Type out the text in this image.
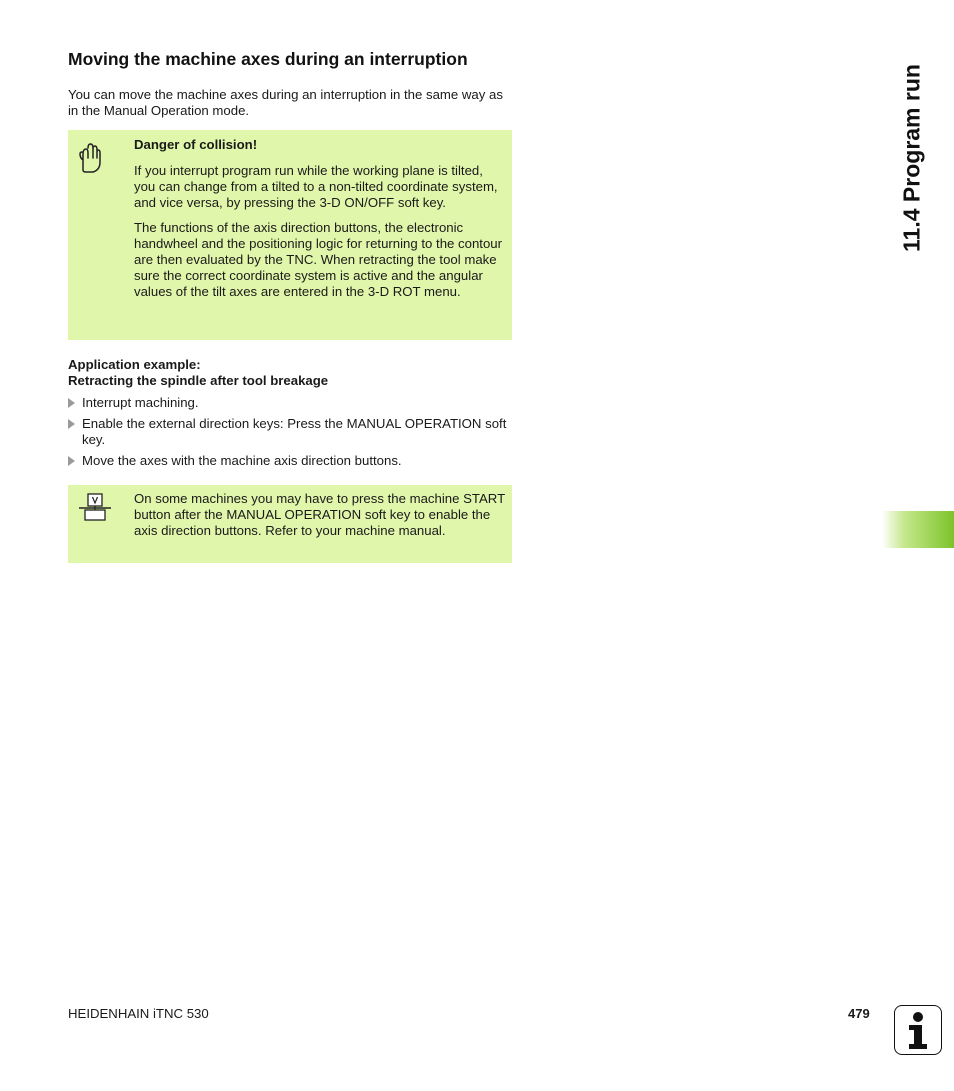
Moving the machine axes during an interruption
You can move the machine axes during an interruption in the same way as in the Manual Operation mode.

Danger of collision!

If you interrupt program run while the working plane is tilted, you can change from a tilted to a non-tilted coordinate system, and vice versa, by pressing the 3-D ON/OFF soft key.

The functions of the axis direction buttons, the electronic handwheel and the positioning logic for returning to the contour are then evaluated by the TNC. When retracting the tool make sure the correct coordinate system is active and the angular values of the tilt axes are entered in the 3-D ROT menu.

Application example:
Retracting the spindle after tool breakage
Interrupt machining.
Enable the external direction keys: Press the MANUAL OPERATION soft key.
Move the axes with the machine axis direction buttons.

On some machines you may have to press the machine START button after the MANUAL OPERATION soft key to enable the axis direction buttons. Refer to your machine manual.

11.4 Program run
HEIDENHAIN iTNC 530	479
